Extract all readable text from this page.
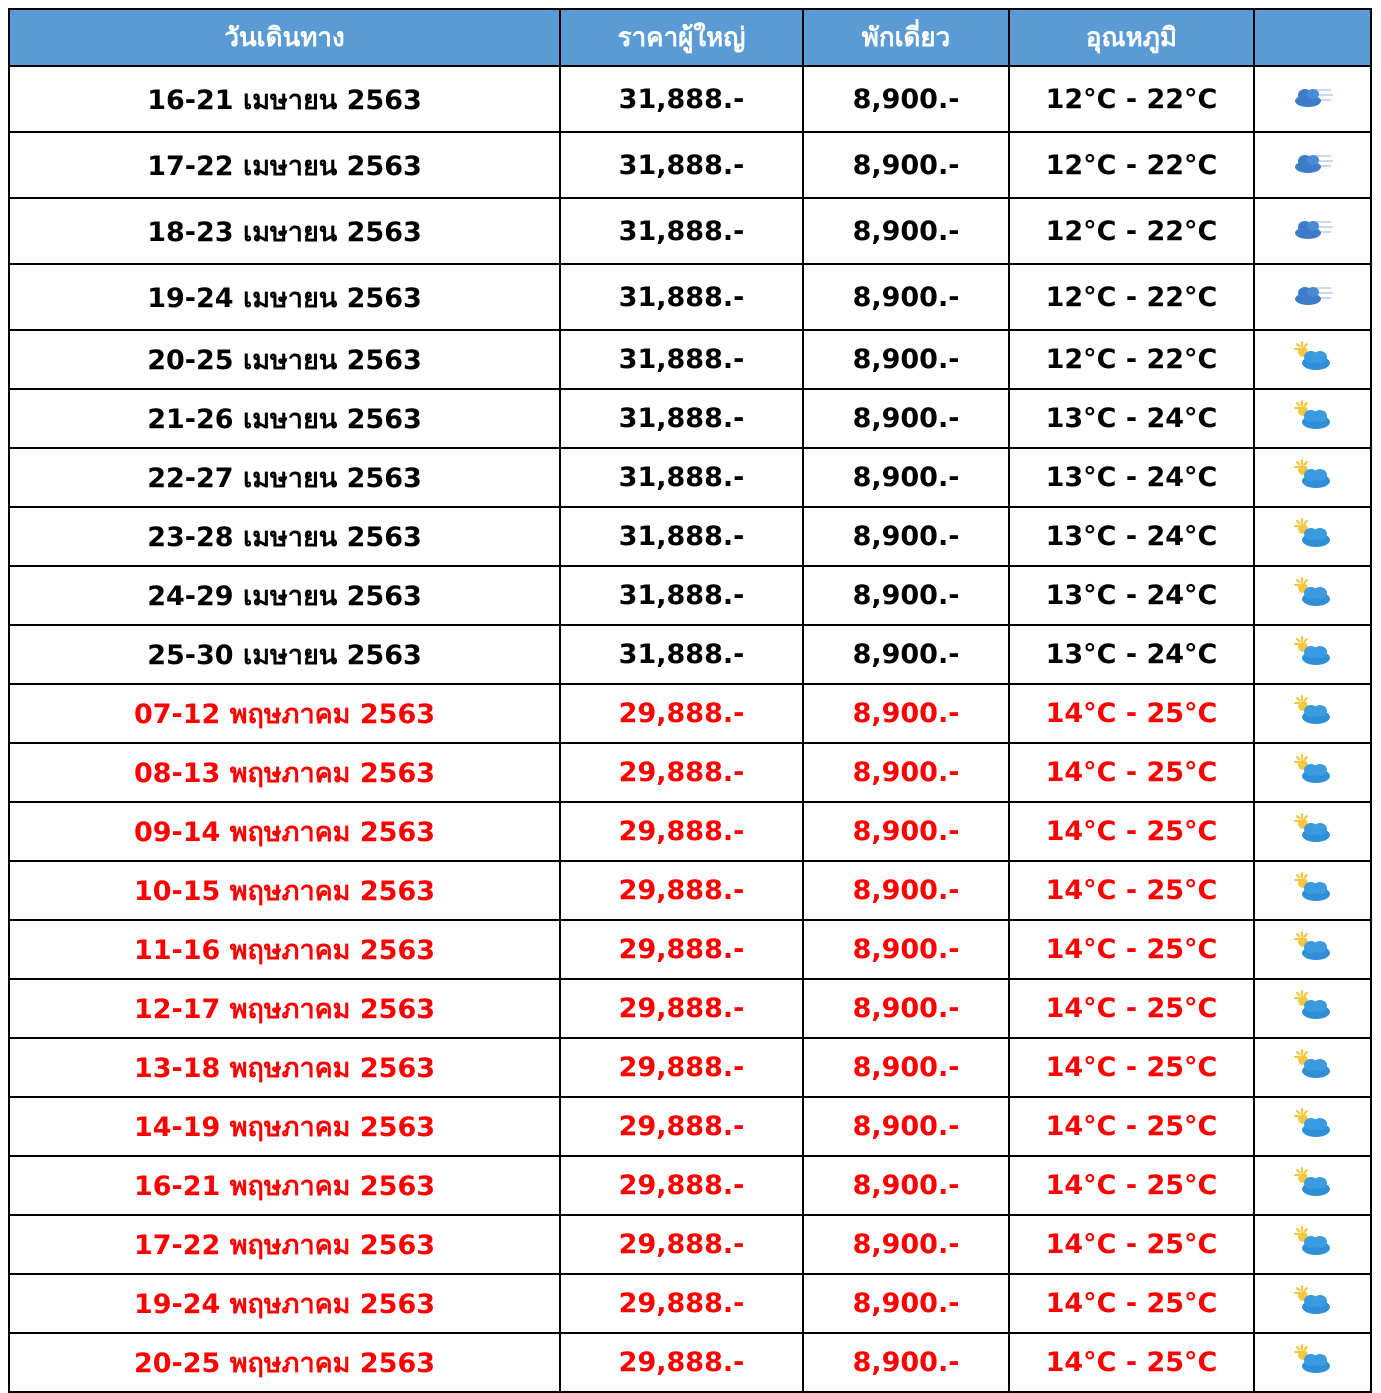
วันเดินทาง	ราคาผู้ใหญ่	พักเดี่ยว	อุณหภูมิ	
16-21 เมษายน 2563	31,888.-	8,900.-	12°C - 22°C	
17-22 เมษายน 2563	31,888.-	8,900.-	12°C - 22°C	
18-23 เมษายน 2563	31,888.-	8,900.-	12°C - 22°C	
19-24 เมษายน 2563	31,888.-	8,900.-	12°C - 22°C	
20-25 เมษายน 2563	31,888.-	8,900.-	12°C - 22°C	
21-26 เมษายน 2563	31,888.-	8,900.-	13°C - 24°C	
22-27 เมษายน 2563	31,888.-	8,900.-	13°C - 24°C	
23-28 เมษายน 2563	31,888.-	8,900.-	13°C - 24°C	
24-29 เมษายน 2563	31,888.-	8,900.-	13°C - 24°C	
25-30 เมษายน 2563	31,888.-	8,900.-	13°C - 24°C	
07-12 พฤษภาคม 2563	29,888.-	8,900.-	14°C - 25°C	
08-13 พฤษภาคม 2563	29,888.-	8,900.-	14°C - 25°C	
09-14 พฤษภาคม 2563	29,888.-	8,900.-	14°C - 25°C	
10-15 พฤษภาคม 2563	29,888.-	8,900.-	14°C - 25°C	
11-16 พฤษภาคม 2563	29,888.-	8,900.-	14°C - 25°C	
12-17 พฤษภาคม 2563	29,888.-	8,900.-	14°C - 25°C	
13-18 พฤษภาคม 2563	29,888.-	8,900.-	14°C - 25°C	
14-19 พฤษภาคม 2563	29,888.-	8,900.-	14°C - 25°C	
16-21 พฤษภาคม 2563	29,888.-	8,900.-	14°C - 25°C	
17-22 พฤษภาคม 2563	29,888.-	8,900.-	14°C - 25°C	
19-24 พฤษภาคม 2563	29,888.-	8,900.-	14°C - 25°C	
20-25 พฤษภาคม 2563	29,888.-	8,900.-	14°C - 25°C	
